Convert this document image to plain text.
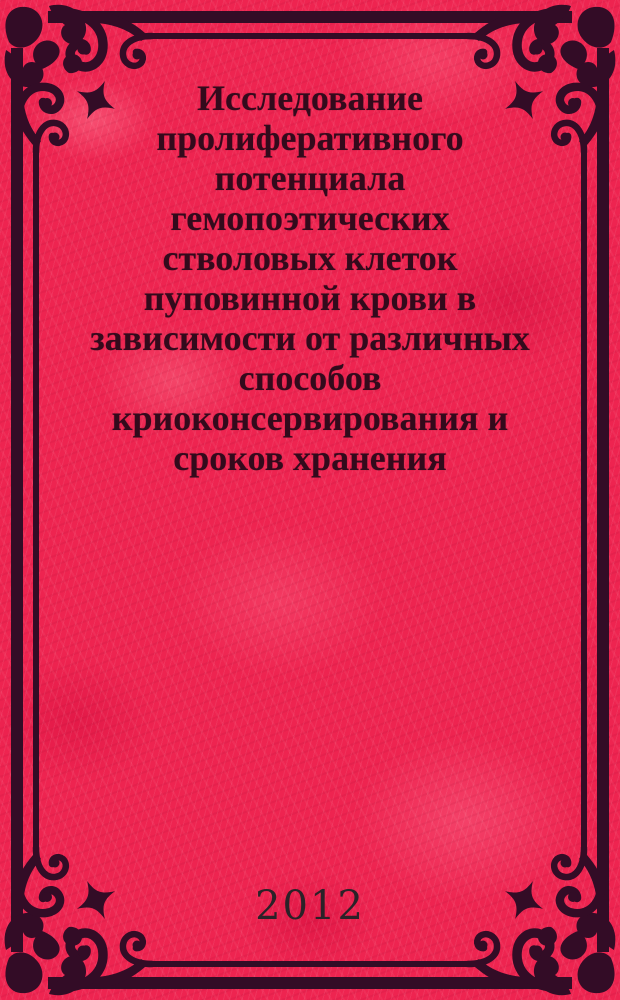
Исследование
пролиферативного
потенциала
гемопоэтических
стволовых клеток
пуповинной крови в
зависимости от различных
способов
криоконсервирования и
сроков хранения
2012
